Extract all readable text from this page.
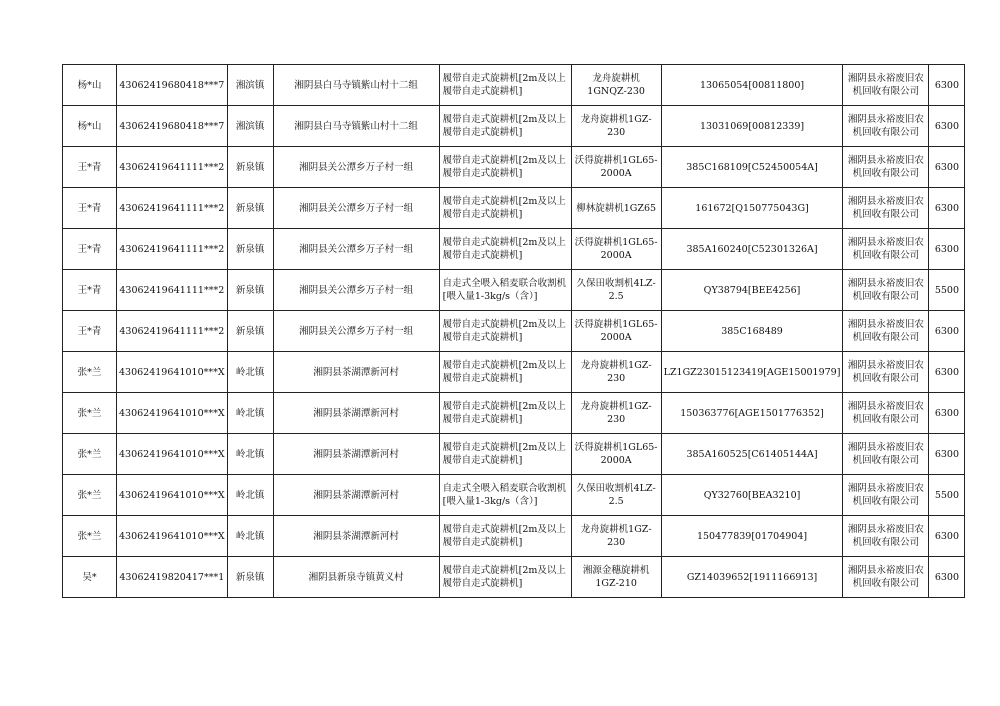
杨*山	43062419680418***7	湘滨镇	湘阴县白马寺镇紫山村十二组	履带自走式旋耕机[2m及以上履带自走式旋耕机]	龙舟旋耕机1GNQZ-230	13065054[00811800]	湘阴县永裕废旧农机回收有限公司	6300
杨*山	43062419680418***7	湘滨镇	湘阴县白马寺镇紫山村十二组	履带自走式旋耕机[2m及以上履带自走式旋耕机]	龙舟旋耕机1GZ-230	13031069[00812339]	湘阴县永裕废旧农机回收有限公司	6300
王*青	43062419641111***2	新泉镇	湘阴县关公潭乡万子村一组	履带自走式旋耕机[2m及以上履带自走式旋耕机]	沃得旋耕机1GL65-2000A	385C168109[C52450054A]	湘阴县永裕废旧农机回收有限公司	6300
王*青	43062419641111***2	新泉镇	湘阴县关公潭乡万子村一组	履带自走式旋耕机[2m及以上履带自走式旋耕机]	柳林旋耕机1GZ65	161672[Q150775043G]	湘阴县永裕废旧农机回收有限公司	6300
王*青	43062419641111***2	新泉镇	湘阴县关公潭乡万子村一组	履带自走式旋耕机[2m及以上履带自走式旋耕机]	沃得旋耕机1GL65-2000A	385A160240[C52301326A]	湘阴县永裕废旧农机回收有限公司	6300
王*青	43062419641111***2	新泉镇	湘阴县关公潭乡万子村一组	自走式全喂入稻麦联合收割机[喂入量1-3kg/s（含）]	久保田收割机4LZ-2.5	QY38794[BEE4256]	湘阴县永裕废旧农机回收有限公司	5500
王*青	43062419641111***2	新泉镇	湘阴县关公潭乡万子村一组	履带自走式旋耕机[2m及以上履带自走式旋耕机]	沃得旋耕机1GL65-2000A	385C168489	湘阴县永裕废旧农机回收有限公司	6300
张*兰	43062419641010***X	岭北镇	湘阴县茶湖潭新河村	履带自走式旋耕机[2m及以上履带自走式旋耕机]	龙舟旋耕机1GZ-230	LZ1GZ23015123419[AGE15001979]	湘阴县永裕废旧农机回收有限公司	6300
张*兰	43062419641010***X	岭北镇	湘阴县茶湖潭新河村	履带自走式旋耕机[2m及以上履带自走式旋耕机]	龙舟旋耕机1GZ-230	150363776[AGE1501776352]	湘阴县永裕废旧农机回收有限公司	6300
张*兰	43062419641010***X	岭北镇	湘阴县茶湖潭新河村	履带自走式旋耕机[2m及以上履带自走式旋耕机]	沃得旋耕机1GL65-2000A	385A160525[C61405144A]	湘阴县永裕废旧农机回收有限公司	6300
张*兰	43062419641010***X	岭北镇	湘阴县茶湖潭新河村	自走式全喂入稻麦联合收割机[喂入量1-3kg/s（含）]	久保田收割机4LZ-2.5	QY32760[BEA3210]	湘阴县永裕废旧农机回收有限公司	5500
张*兰	43062419641010***X	岭北镇	湘阴县茶湖潭新河村	履带自走式旋耕机[2m及以上履带自走式旋耕机]	龙舟旋耕机1GZ-230	150477839[01704904]	湘阴县永裕废旧农机回收有限公司	6300
吴*	43062419820417***1	新泉镇	湘阴县新泉寺镇黄义村	履带自走式旋耕机[2m及以上履带自走式旋耕机]	湘源金穗旋耕机1GZ-210	GZ14039652[1911166913]	湘阴县永裕废旧农机回收有限公司	6300
